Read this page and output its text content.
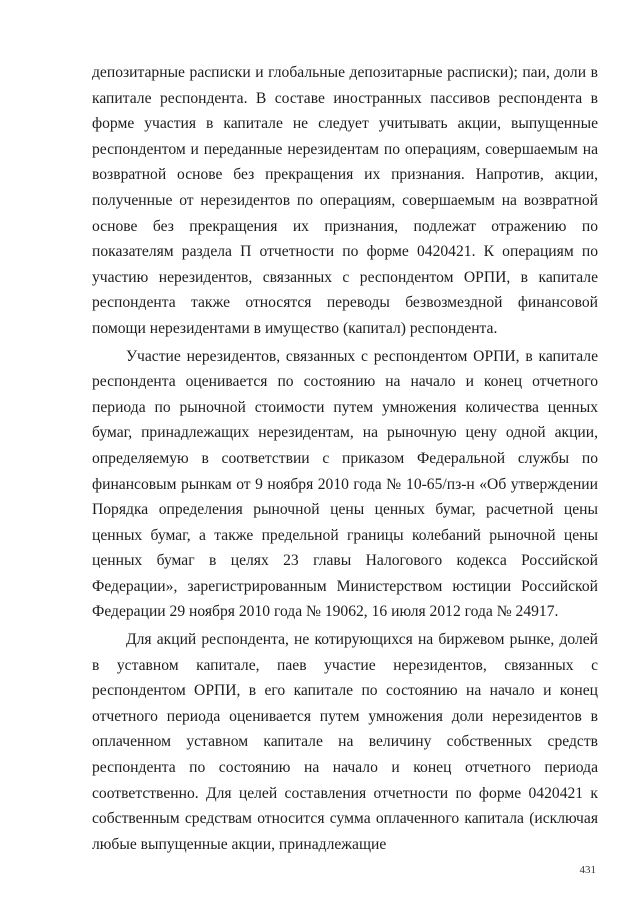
депозитарные расписки и глобальные депозитарные расписки); паи, доли в капитале респондента. В составе иностранных пассивов респондента в форме участия в капитале не следует учитывать акции, выпущенные респондентом и переданные нерезидентам по операциям, совершаемым на возвратной основе без прекращения их признания. Напротив, акции, полученные от нерезидентов по операциям, совершаемым на возвратной основе без прекращения их признания, подлежат отражению по показателям раздела П отчетности по форме 0420421. К операциям по участию нерезидентов, связанных с респондентом ОРПИ, в капитале респондента также относятся переводы безвозмездной финансовой помощи нерезидентами в имущество (капитал) респондента.

Участие нерезидентов, связанных с респондентом ОРПИ, в капитале респондента оценивается по состоянию на начало и конец отчетного периода по рыночной стоимости путем умножения количества ценных бумаг, принадлежащих нерезидентам, на рыночную цену одной акции, определяемую в соответствии с приказом Федеральной службы по финансовым рынкам от 9 ноября 2010 года № 10-65/пз-н «Об утверждении Порядка определения рыночной цены ценных бумаг, расчетной цены ценных бумаг, а также предельной границы колебаний рыночной цены ценных бумаг в целях 23 главы Налогового кодекса Российской Федерации», зарегистрированным Министерством юстиции Российской Федерации 29 ноября 2010 года № 19062, 16 июля 2012 года № 24917.

Для акций респондента, не котирующихся на биржевом рынке, долей в уставном капитале, паев участие нерезидентов, связанных с респондентом ОРПИ, в его капитале по состоянию на начало и конец отчетного периода оценивается путем умножения доли нерезидентов в оплаченном уставном капитале на величину собственных средств респондента по состоянию на начало и конец отчетного периода соответственно. Для целей составления отчетности по форме 0420421 к собственным средствам относится сумма оплаченного капитала (исключая любые выпущенные акции, принадлежащие

431
